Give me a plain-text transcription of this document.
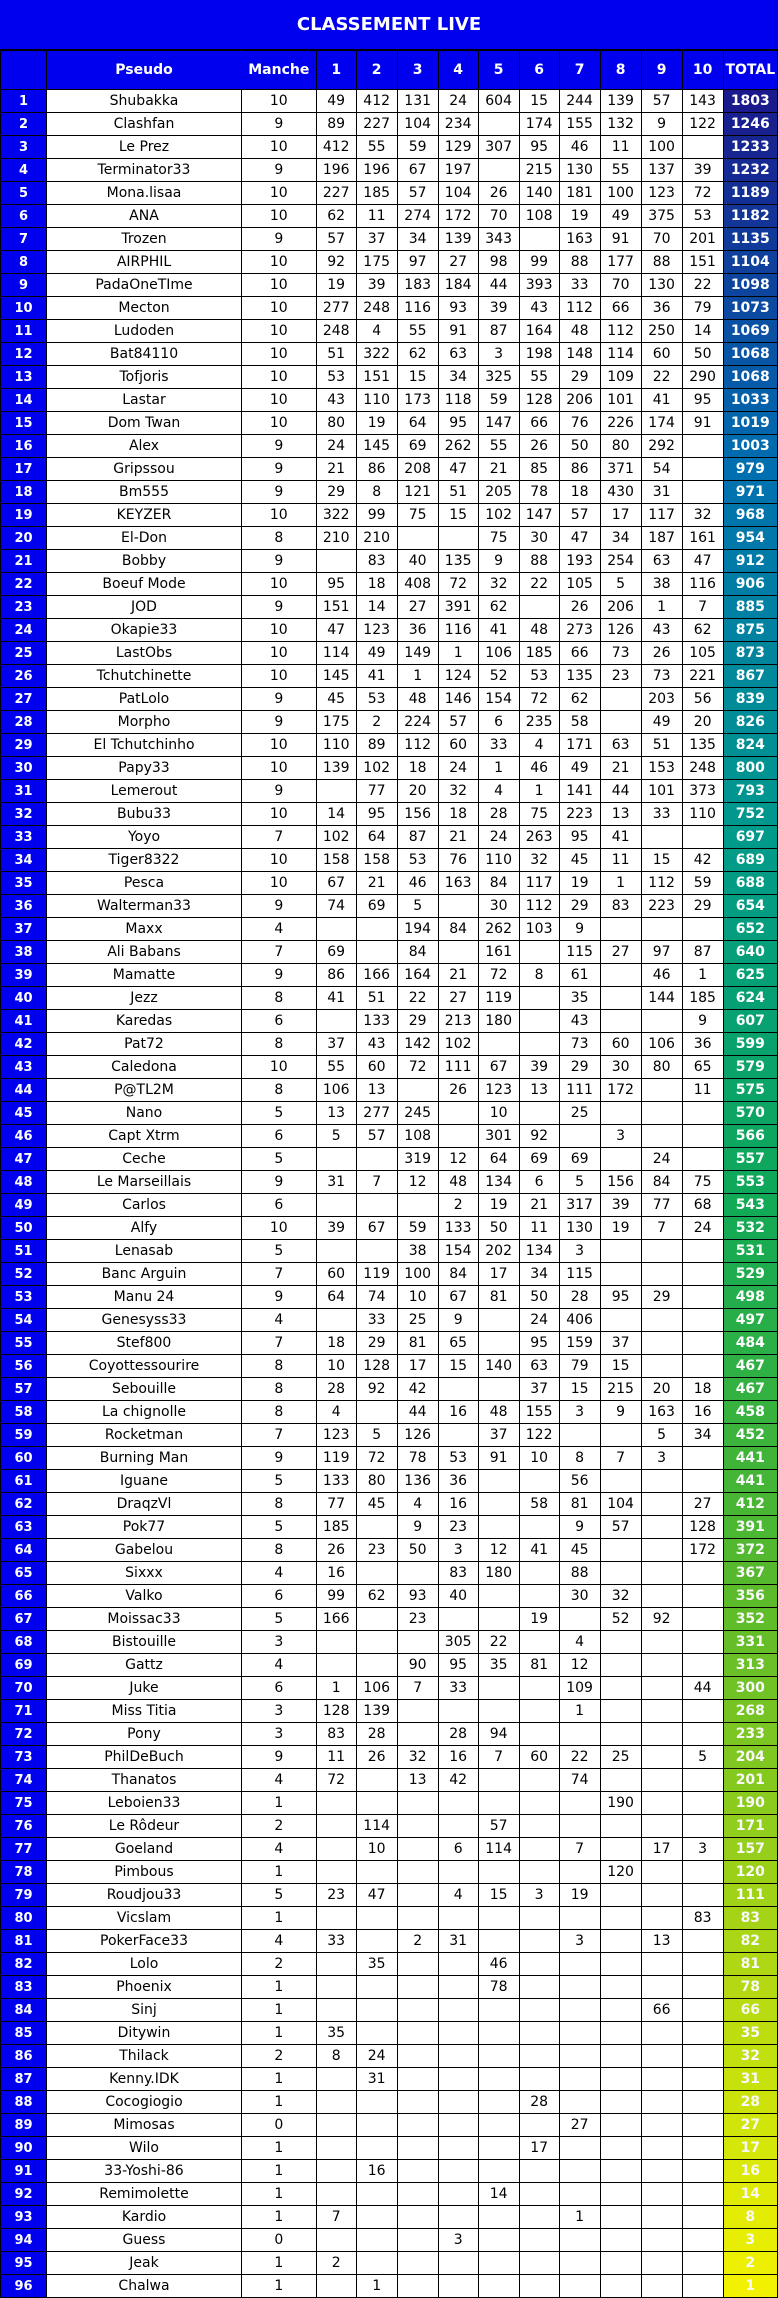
CLASSEMENT LIVE
	Pseudo	Manche	1	2	3	4	5	6	7	8	9	10	TOTAL
1	Shubakka	10	49	412	131	24	604	15	244	139	57	143	1803
2	Clashfan	9	89	227	104	234		174	155	132	9	122	1246
3	Le Prez	10	412	55	59	129	307	95	46	11	100		1233
4	Terminator33	9	196	196	67	197		215	130	55	137	39	1232
5	Mona.lisaa	10	227	185	57	104	26	140	181	100	123	72	1189
6	ANA	10	62	11	274	172	70	108	19	49	375	53	1182
7	Trozen	9	57	37	34	139	343		163	91	70	201	1135
8	AIRPHIL	10	92	175	97	27	98	99	88	177	88	151	1104
9	PadaOneTIme	10	19	39	183	184	44	393	33	70	130	22	1098
10	Mecton	10	277	248	116	93	39	43	112	66	36	79	1073
11	Ludoden	10	248	4	55	91	87	164	48	112	250	14	1069
12	Bat84110	10	51	322	62	63	3	198	148	114	60	50	1068
13	Tofjoris	10	53	151	15	34	325	55	29	109	22	290	1068
14	Lastar	10	43	110	173	118	59	128	206	101	41	95	1033
15	Dom Twan	10	80	19	64	95	147	66	76	226	174	91	1019
16	Alex	9	24	145	69	262	55	26	50	80	292		1003
17	Gripssou	9	21	86	208	47	21	85	86	371	54		979
18	Bm555	9	29	8	121	51	205	78	18	430	31		971
19	KEYZER	10	322	99	75	15	102	147	57	17	117	32	968
20	El-Don	8	210	210			75	30	47	34	187	161	954
21	Bobby	9		83	40	135	9	88	193	254	63	47	912
22	Boeuf Mode	10	95	18	408	72	32	22	105	5	38	116	906
23	JOD	9	151	14	27	391	62		26	206	1	7	885
24	Okapie33	10	47	123	36	116	41	48	273	126	43	62	875
25	LastObs	10	114	49	149	1	106	185	66	73	26	105	873
26	Tchutchinette	10	145	41	1	124	52	53	135	23	73	221	867
27	PatLolo	9	45	53	48	146	154	72	62		203	56	839
28	Morpho	9	175	2	224	57	6	235	58		49	20	826
29	El Tchutchinho	10	110	89	112	60	33	4	171	63	51	135	824
30	Papy33	10	139	102	18	24	1	46	49	21	153	248	800
31	Lemerout	9		77	20	32	4	1	141	44	101	373	793
32	Bubu33	10	14	95	156	18	28	75	223	13	33	110	752
33	Yoyo	7	102	64	87	21	24	263	95	41			697
34	Tiger8322	10	158	158	53	76	110	32	45	11	15	42	689
35	Pesca	10	67	21	46	163	84	117	19	1	112	59	688
36	Walterman33	9	74	69	5		30	112	29	83	223	29	654
37	Maxx	4			194	84	262	103	9				652
38	Ali Babans	7	69		84		161		115	27	97	87	640
39	Mamatte	9	86	166	164	21	72	8	61		46	1	625
40	Jezz	8	41	51	22	27	119		35		144	185	624
41	Karedas	6		133	29	213	180		43			9	607
42	Pat72	8	37	43	142	102			73	60	106	36	599
43	Caledona	10	55	60	72	111	67	39	29	30	80	65	579
44	P@TL2M	8	106	13		26	123	13	111	172		11	575
45	Nano	5	13	277	245		10		25				570
46	Capt Xtrm	6	5	57	108		301	92		3			566
47	Ceche	5			319	12	64	69	69		24		557
48	Le Marseillais	9	31	7	12	48	134	6	5	156	84	75	553
49	Carlos	6				2	19	21	317	39	77	68	543
50	Alfy	10	39	67	59	133	50	11	130	19	7	24	532
51	Lenasab	5			38	154	202	134	3				531
52	Banc Arguin	7	60	119	100	84	17	34	115				529
53	Manu 24	9	64	74	10	67	81	50	28	95	29		498
54	Genesyss33	4		33	25	9		24	406				497
55	Stef800	7	18	29	81	65		95	159	37			484
56	Coyottessourire	8	10	128	17	15	140	63	79	15			467
57	Sebouille	8	28	92	42			37	15	215	20	18	467
58	La chignolle	8	4		44	16	48	155	3	9	163	16	458
59	Rocketman	7	123	5	126		37	122			5	34	452
60	Burning Man	9	119	72	78	53	91	10	8	7	3		441
61	Iguane	5	133	80	136	36			56				441
62	DraqzVl	8	77	45	4	16		58	81	104		27	412
63	Pok77	5	185		9	23			9	57		128	391
64	Gabelou	8	26	23	50	3	12	41	45			172	372
65	Sixxx	4	16			83	180		88				367
66	Valko	6	99	62	93	40			30	32			356
67	Moissac33	5	166		23			19		52	92		352
68	Bistouille	3				305	22		4				331
69	Gattz	4			90	95	35	81	12				313
70	Juke	6	1	106	7	33			109			44	300
71	Miss Titia	3	128	139					1				268
72	Pony	3	83	28		28	94						233
73	PhilDeBuch	9	11	26	32	16	7	60	22	25		5	204
74	Thanatos	4	72		13	42			74				201
75	Leboien33	1								190			190
76	Le Rôdeur	2		114			57						171
77	Goeland	4		10		6	114		7		17	3	157
78	Pimbous	1								120			120
79	Roudjou33	5	23	47		4	15	3	19				111
80	Vicslam	1										83	83
81	PokerFace33	4	33		2	31			3		13		82
82	Lolo	2		35			46						81
83	Phoenix	1					78						78
84	Sinj	1									66		66
85	Ditywin	1	35										35
86	Thilack	2	8	24									32
87	Kenny.IDK	1		31									31
88	Cocogiogio	1						28					28
89	Mimosas	0							27				27
90	Wilo	1						17					17
91	33-Yoshi-86	1		16									16
92	Remimolette	1					14						14
93	Kardio	1	7						1				8
94	Guess	0				3							3
95	Jeak	1	2										2
96	Chalwa	1		1									1
